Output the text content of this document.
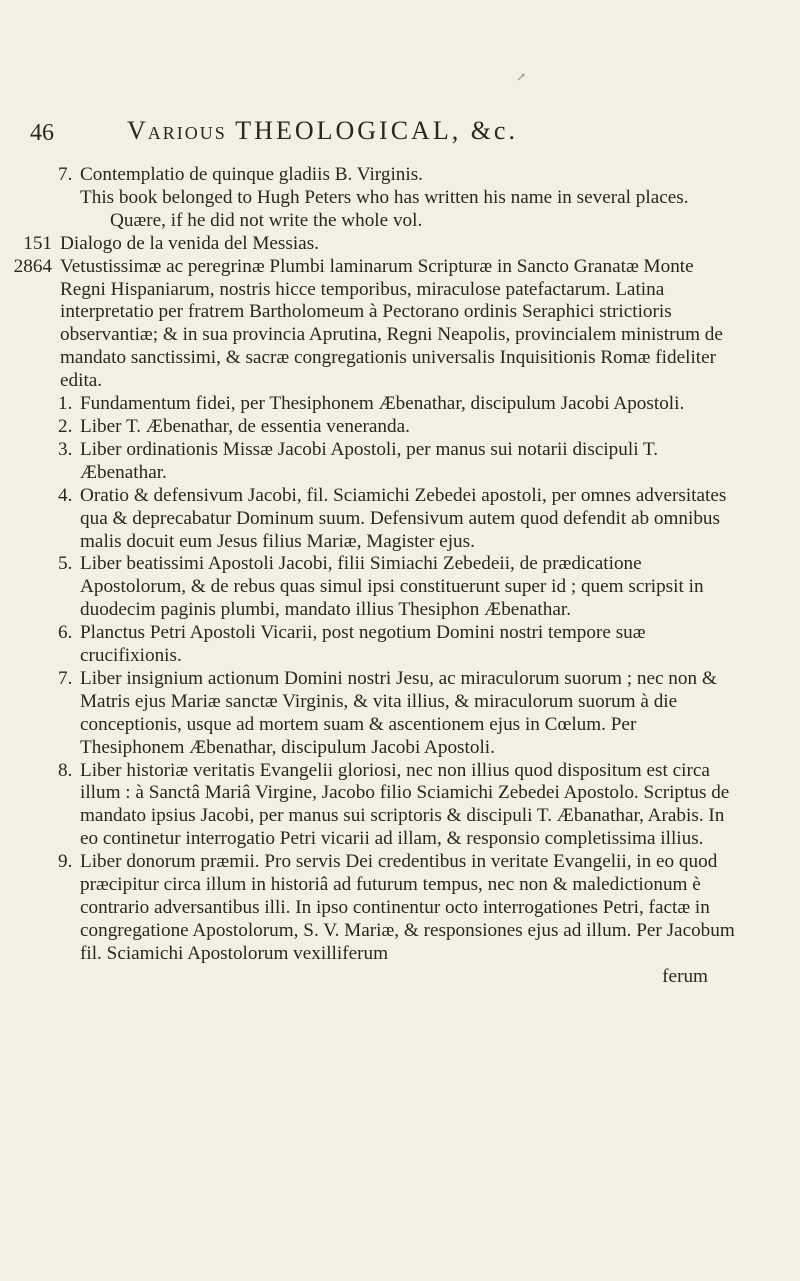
↗
46	Various THEOLOGICAL, &c.
7. Contemplatio de quinque gladiis B. Virginis.
This book belonged to Hugh Peters who has written his name in several places.
Quære, if he did not write the whole vol.
151 Dialogo de la venida del Messias.
2864 Vetustissimæ ac peregrinæ Plumbi laminarum Scripturæ in Sancto Granatæ Monte Regni Hispaniarum, nostris hicce temporibus, miraculose patefactarum. Latina interpretatio per fratrem Bartholomeum à Pectorano ordinis Seraphici strictioris observantiæ; & in sua provincia Aprutina, Regni Neapolis, provincialem ministrum de mandato sanctissimi, & sacræ congregationis universalis Inquisitionis Romæ fideliter edita.
1. Fundamentum fidei, per Thesiphonem Æbenathar, discipulum Jacobi Apostoli.
2. Liber T. Æbenathar, de essentia veneranda.
3. Liber ordinationis Missæ Jacobi Apostoli, per manus sui notarii discipuli T. Æbenathar.
4. Oratio & defensivum Jacobi, fil. Sciamichi Zebedei apostoli, per omnes adversitates qua & deprecabatur Dominum suum. Defensivum autem quod defendit ab omnibus malis docuit eum Jesus filius Mariæ, Magister ejus.
5. Liber beatissimi Apostoli Jacobi, filii Simiachi Zebedeii, de prædicatione Apostolorum, & de rebus quas simul ipsi constituerunt super id ; quem scripsit in duodecim paginis plumbi, mandato illius Thesiphon Æbenathar.
6. Planctus Petri Apostoli Vicarii, post negotium Domini nostri tempore suæ crucifixionis.
7. Liber insignium actionum Domini nostri Jesu, ac miraculorum suorum ; nec non & Matris ejus Mariæ sanctæ Virginis, & vita illius, & miraculorum suorum à die conceptionis, usque ad mortem suam & ascentionem ejus in Cœlum. Per Thesiphonem Æbenathar, discipulum Jacobi Apostoli.
8. Liber historiæ veritatis Evangelii gloriosi, nec non illius quod dispositum est circa illum : à Sanctâ Mariâ Virgine, Jacobo filio Sciamichi Zebedei Apostolo. Scriptus de mandato ipsius Jacobi, per manus sui scriptoris & discipuli T. Æbanathar, Arabis. In eo continetur interrogatio Petri vicarii ad illam, & responsio completissima illius.
9. Liber donorum præmii. Pro servis Dei credentibus in veritate Evangelii, in eo quod præcipitur circa illum in historiâ ad futurum tempus, nec non & maledictionum è contrario adversantibus illi. In ipso continentur octo interrogationes Petri, factæ in congregatione Apostolorum, S. V. Mariæ, & responsiones ejus ad illum. Per Jacobum fil. Sciamichi Apostolorum vexilliferum
ferum
